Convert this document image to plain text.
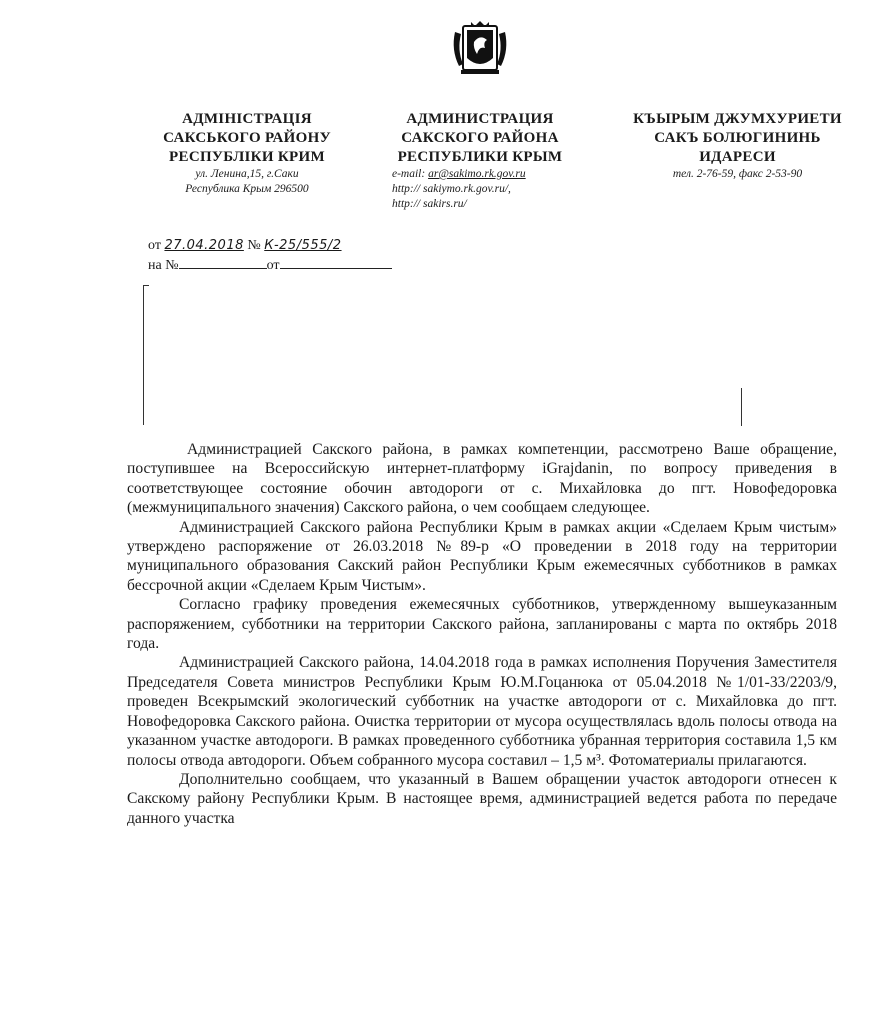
АДМІНІСТРАЦІЯ
САКСЬКОГО РАЙОНУ
РЕСПУБЛІКИ КРИМ
ул. Ленина,15, г.Саки
Республика Крым 296500
АДМИНИСТРАЦИЯ
САКСКОГО РАЙОНА
РЕСПУБЛИКИ КРЫМ
e-mail: ar@sakimo.rk.gov.ru
http:// sakiymo.rk.gov.ru/,
http:// sakirs.ru/
КЪЫРЫМ ДЖУМХУРИЕТИ
САКЪ БОЛЮГИНИНЬ
ИДАРЕСИ
тел. 2-76-59, факс 2-53-90
от 27.04.2018 № К-25/555/2
на №	от

Администрацией Сакского района, в рамках компетенции, рассмотрено Ваше обращение, поступившее на Всероссийскую интернет-платформу iGrajdanin, по вопросу приведения в соответствующее состояние обочин автодороги от с. Михайловка до пгт. Новофедоровка (межмуниципального значения) Сакского района, о чем сообщаем следующее.

Администрацией Сакского района Республики Крым в рамках акции «Сделаем Крым чистым» утверждено распоряжение от 26.03.2018 №89-р «О проведении в 2018 году на территории муниципального образования Сакский район Республики Крым ежемесячных субботников в рамках бессрочной акции «Сделаем Крым Чистым».

Согласно графику проведения ежемесячных субботников, утвержденному вышеуказанным распоряжением, субботники на территории Сакского района, запланированы с марта по октябрь 2018 года.

Администрацией Сакского района, 14.04.2018 года в рамках исполнения Поручения Заместителя Председателя Совета министров Республики Крым Ю.М.Гоцанюка от 05.04.2018 №1/01-33/2203/9, проведен Всекрымский экологический субботник на участке автодороги от с. Михайловка до пгт. Новофедоровка Сакского района. Очистка территории от мусора осуществлялась вдоль полосы отвода на указанном участке автодороги. В рамках проведенного субботника убранная территория составила 1,5 км полосы отвода автодороги. Объем собранного мусора составил – 1,5 м³. Фотоматериалы прилагаются.

Дополнительно сообщаем, что указанный в Вашем обращении участок автодороги отнесен к Сакскому району Республики Крым. В настоящее время, администрацией ведется работа по передаче данного участка
